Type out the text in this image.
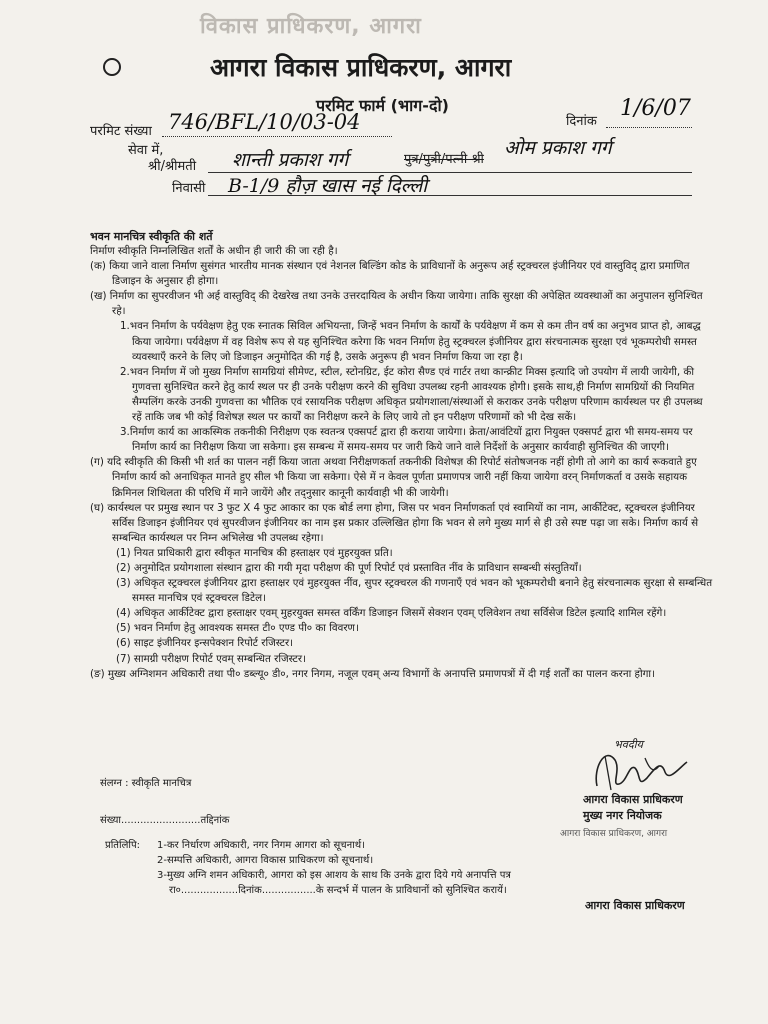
विकास प्राधिकरण, आगरा
आगरा विकास प्राधिकरण, आगरा
परमिट फार्म (भाग-दो)
परमिट संख्या 746/BFL/10/03-04	दिनांक
1/6/07
सेवा में,
श्री/श्रीमती शान्ती प्रकाश गर्ग	पुत्र/पुत्री/पत्नी श्री
ओम प्रकाश गर्ग
निवासी B-1/9 हौज़ खास नई दिल्ली
भवन मानचित्र स्वीकृति की शर्ते

निर्माण स्वीकृति निम्नलिखित शर्तों के अधीन ही जारी की जा रही है।

(क) किया जाने वाला निर्माण सुसंगत भारतीय मानक संस्थान एवं नेशनल बिल्डिंग कोड के प्राविधानों के अनुरूप अर्ह स्ट्रक्चरल इंजीनियर एवं वास्तुविद् द्वारा प्रमाणित डिजाइन के अनुसार ही होगा।

(ख) निर्माण का सुपरवीजन भी अर्ह वास्तुविद् की देखरेख तथा उनके उत्तरदायित्व के अधीन किया जायेगा। ताकि सुरक्षा की अपेक्षित व्यवस्थाओं का अनुपालन सुनिश्चित रहे।

1.भवन निर्माण के पर्यवेक्षण हेतु एक स्नातक सिविल अभियन्ता, जिन्हें भवन निर्माण के कार्यों के पर्यवेक्षण में कम से कम तीन वर्ष का अनुभव प्राप्त हो, आबद्ध किया जायेगा। पर्यवेक्षण में वह विशेष रूप से यह सुनिश्चित करेगा कि भवन निर्माण हेतु स्ट्रक्चरल इंजीनियर द्वारा संरचनात्मक सुरक्षा एवं भूकम्परोधी समस्त व्यवस्थाएँ करने के लिए जो डिजाइन अनुमोदित की गई है, उसके अनुरूप ही भवन निर्माण किया जा रहा है।

2.भवन निर्माण में जो मुख्य निर्माण सामग्रियां सीमेण्ट, स्टील, स्टोनग्रिट, ईट कोरा सैण्ड एवं गार्टर तथा कान्क्रीट मिक्स इत्यादि जो उपयोग में लायी जायेगी, की गुणवत्ता सुनिश्चित करने हेतु कार्य स्थल पर ही उनके परीक्षण करने की सुविधा उपलब्ध रहनी आवश्यक होगी। इसके साथ,ही निर्माण सामग्रियों की नियमित सैम्पलिंग करके उनकी गुणवत्ता का भौतिक एवं रसायनिक परीक्षण अधिकृत प्रयोगशाला/संस्थाओं से कराकर उनके परीक्षण परिणाम कार्यस्थल पर ही उपलब्ध रहें ताकि जब भी कोई विशेषज्ञ स्थल पर कार्यों का निरीक्षण करने के लिए जाये तो इन परीक्षण परिणामों को भी देख सकें।

3.निर्माण कार्य का आकस्मिक तकनीकी निरीक्षण एक स्वतन्त्र एक्सपर्ट द्वारा ही कराया जायेगा। क्रेता/आवंटियों द्वारा नियुक्त एक्सपर्ट द्वारा भी समय-समय पर निर्माण कार्य का निरीक्षण किया जा सकेगा। इस सम्बन्ध में समय-समय पर जारी किये जाने वाले निर्देशों के अनुसार कार्यवाही सुनिश्चित की जाएगी।

(ग) यदि स्वीकृति की किसी भी शर्त का पालन नहीं किया जाता अथवा निरीक्षणकर्ता तकनीकी विशेषज्ञ की रिपोर्ट संतोषजनक नहीं होगी तो आगे का कार्य रूकवाते हुए निर्माण कार्य को अनाधिकृत मानते हुए सील भी किया जा सकेगा। ऐसे में न केवल पूर्णता प्रमाणपत्र जारी नहीं किया जायेगा वरन् निर्माणकर्ता व उसके सहायक क्रिमिनल शिथिलता की परिधि में माने जायेंगे और तद्नुसार कानूनी कार्यवाही भी की जायेगी।

(घ) कार्यस्थल पर प्रमुख स्थान पर 3 फुट X 4 फुट आकार का एक बोर्ड लगा होगा, जिस पर भवन निर्माणकर्ता एवं स्वामियों का नाम, आर्कीटेक्ट, स्ट्रक्चरल इंजीनियर सर्विस डिजाइन इंजीनियर एवं सुपरवीजन इंजीनियर का नाम इस प्रकार उल्लिखित होगा कि भवन से लगे मुख्य मार्ग से ही उसे स्पष्ट पढ़ा जा सके। निर्माण कार्य से सम्बन्धित कार्यस्थल पर निम्न अभिलेख भी उपलब्ध रहेगा।

(1) नियत प्राधिकारी द्वारा स्वीकृत मानचित्र की हस्ताक्षर एवं मुहरयुक्त प्रति।

(2) अनुमोदित प्रयोगशाला संस्थान द्वारा की गयी मृदा परीक्षण की पूर्ण रिपोर्ट एवं प्रस्तावित नींव के प्राविधान सम्बन्धी संस्तुतियाँ।

(3) अधिकृत स्ट्रक्चरल इंजीनियर द्वारा हस्ताक्षर एवं मुहरयुक्त नींव, सुपर स्ट्रक्चरल की गणनाएँ एवं भवन को भूकम्परोधी बनाने हेतु संरचनात्मक सुरक्षा से सम्बन्धित समस्त मानचित्र एवं स्ट्रक्चरल डिटेल।

(4) अधिकृत आर्कीटेक्ट द्वारा हस्ताक्षर एवम् मुहरयुक्त समस्त वर्किंग डिजाइन जिसमें सेक्शन एवम् एलिवेशन तथा सर्विसेज डिटेल इत्यादि शामिल रहेंगे।

(5) भवन निर्माण हेतु आवश्यक समस्त टी० एण्ड पी० का विवरण।

(6) साइट इंजीनियर इन्सपेक्शन रिपोर्ट रजिस्टर।

(7) सामग्री परीक्षण रिपोर्ट एवम् सम्बन्धित रजिस्टर।

(ङ) मुख्य अग्निशमन अधिकारी तथा पी० डब्ल्यू० डी०, नगर निगम, नजूल एवम् अन्य विभागों के अनापत्ति प्रमाणपत्रों में दी गई शर्तों का पालन करना होगा।

संलग्न : स्वीकृति मानचित्र
भवदीय
आगरा विकास प्राधिकरण
मुख्य नगर नियोजक
आगरा विकास प्राधिकरण, आगरा
संख्या.........................तद्दिनांक
प्रतिलिपि: 1-कर निर्धारण अधिकारी, नगर निगम आगरा को सूचनार्थ।
2-सम्पत्ति अधिकारी, आगरा विकास प्राधिकरण को सूचनार्थ।
3-मुख्य अग्नि शमन अधिकारी, आगरा को इस आशय के साथ कि उनके द्वारा दिये गये अनापत्ति पत्र
रा०..................दिनांक.................के सन्दर्भ में पालन के प्राविधानों को सुनिश्चित करायें।
आगरा विकास प्राधिकरण
